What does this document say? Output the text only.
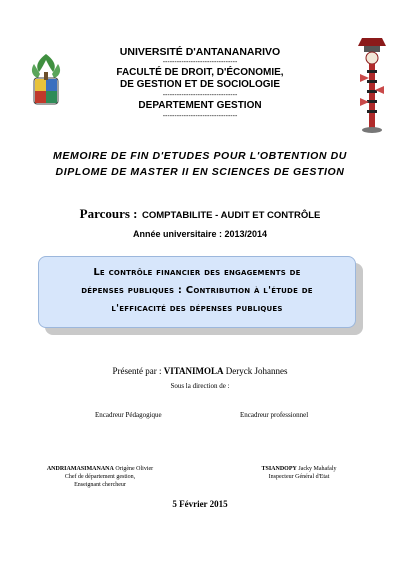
UNIVERSITÉ D'ANTANANARIVO
--------------------------------
FACULTÉ DE DROIT, D'ÉCONOMIE,
DE GESTION ET DE SOCIOLOGIE
--------------------------------
DEPARTEMENT GESTION
--------------------------------
MEMOIRE DE FIN D'ETUDES POUR L'OBTENTION DU
DIPLOME DE MASTER II EN SCIENCES DE GESTION
Parcours : COMPTABILITE - AUDIT ET CONTRÔLE
Année universitaire : 2013/2014
Le contrôle financier des engagements de
dépenses publiques : Contribution à l'étude de
l'efficacité des dépenses publiques
Présenté par : VITANIMOLA Deryck Johannes
Sous la direction de :
Encadreur Pédagogique	Encadreur professionnel
ANDRIAMASIMANANA Origène Olivier
Chef de département gestion,
Enseignant chercheur
TSIANDOPY Jacky Mahafaly
Inspecteur Général d'Etat
5 Février 2015
